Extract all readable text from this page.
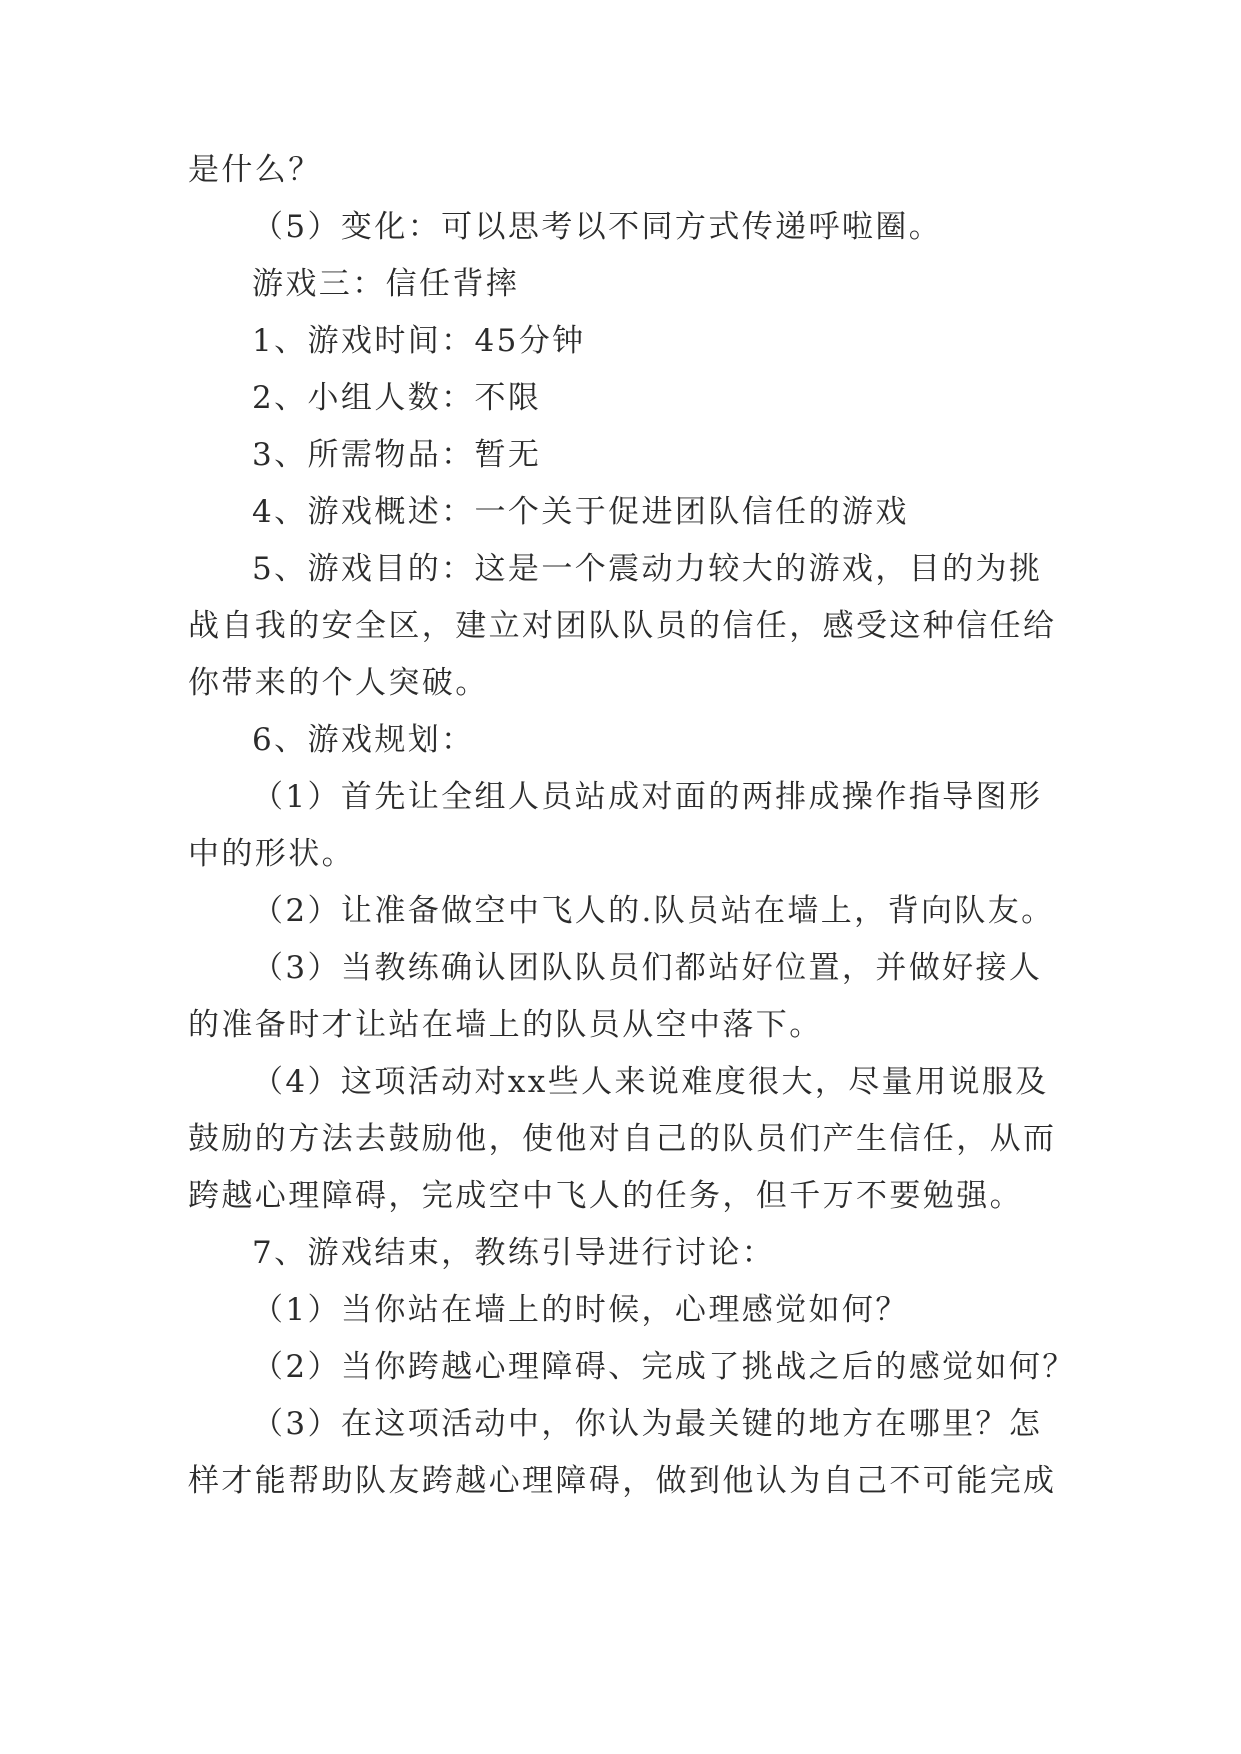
是什么？

（5）变化：可以思考以不同方式传递呼啦圈。

游戏三：信任背摔

1、游戏时间：45分钟

2、小组人数：不限

3、所需物品：暂无

4、游戏概述：一个关于促进团队信任的游戏

5、游戏目的：这是一个震动力较大的游戏，目的为挑

战自我的安全区，建立对团队队员的信任，感受这种信任给

你带来的个人突破。

6、游戏规划：

（1）首先让全组人员站成对面的两排成操作指导图形

中的形状。

（2）让准备做空中飞人的.队员站在墙上，背向队友。

（3）当教练确认团队队员们都站好位置，并做好接人

的准备时才让站在墙上的队员从空中落下。

（4）这项活动对xx些人来说难度很大，尽量用说服及

鼓励的方法去鼓励他，使他对自己的队员们产生信任，从而

跨越心理障碍，完成空中飞人的任务，但千万不要勉强。

7、游戏结束，教练引导进行讨论：

（1）当你站在墙上的时候，心理感觉如何？

（2）当你跨越心理障碍、完成了挑战之后的感觉如何？

（3）在这项活动中，你认为最关键的地方在哪里？怎

样才能帮助队友跨越心理障碍，做到他认为自己不可能完成
